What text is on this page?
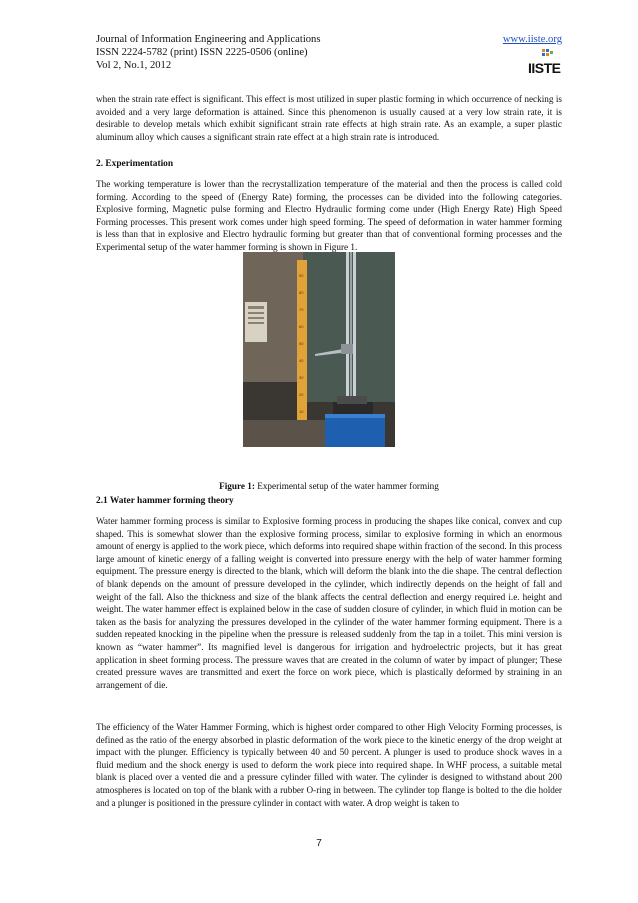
Journal of Information Engineering and Applications
ISSN 2224-5782 (print) ISSN 2225-0506 (online)
Vol 2, No.1, 2012
www.iiste.org
IISTE
when the strain rate effect is significant. This effect is most utilized in super plastic forming in which occurrence of necking is avoided and a very large deformation is attained. Since this phenomenon is usually caused at a very low strain rate, it is desirable to develop metals which exhibit significant strain rate effects at high strain rate. As an example, a super plastic aluminum alloy which causes a significant strain rate effect at a high strain rate is introduced.
2. Experimentation
The working temperature is lower than the recrystallization temperature of the material and then the process is called cold forming. According to the speed of (Energy Rate) forming, the processes can be divided into the following categories. Explosive forming, Magnetic pulse forming and Electro Hydraulic forming come under (High Energy Rate) High Speed Forming processes. This present work comes under high speed forming. The speed of deformation in water hammer forming is less than that in explosive and Electro hydraulic forming but greater than that of conventional forming processes and the Experimental setup of the water hammer forming is shown in Figure 1.
90
80
70
60
50
40
30
20
10
Figure 1: Experimental setup of the water hammer forming
2.1 Water hammer forming theory
Water hammer forming process is similar to Explosive forming process in producing the shapes like conical, convex and cup shaped. This is somewhat slower than the explosive forming process, similar to explosive forming in which an enormous amount of energy is applied to the work piece, which deforms into required shape within fraction of the second. In this process large amount of kinetic energy of a falling weight is converted into pressure energy with the help of water hammer forming equipment. The pressure energy is directed to the blank, which will deform the blank into the die shape. The central deflection of blank depends on the amount of pressure developed in the cylinder, which indirectly depends on the height of fall and weight of the fall. Also the thickness and size of the blank affects the central deflection and energy required i.e. height and weight. The water hammer effect is explained below in the case of sudden closure of cylinder, in which fluid in motion can be taken as the basis for analyzing the pressures developed in the cylinder of the water hammer forming equipment. There is a sudden repeated knocking in the pipeline when the pressure is released suddenly from the tap in a toilet. This mini version is known as “water hammer”. Its magnified level is dangerous for irrigation and hydroelectric projects, but it has great application in sheet forming process. The pressure waves that are created in the column of water by impact of plunger; These created pressure waves are transmitted and exert the force on work piece, which is plastically deformed by straining in an arrangement of die.
The efficiency of the Water Hammer Forming, which is highest order compared to other High Velocity Forming processes, is defined as the ratio of the energy absorbed in plastic deformation of the work piece to the kinetic energy of the drop weight at impact with the plunger. Efficiency is typically between 40 and 50 percent. A plunger is used to produce shock waves in a fluid medium and the shock energy is used to deform the work piece into required shape. In WHF process, a suitable metal blank is placed over a vented die and a pressure cylinder filled with water. The cylinder is designed to withstand about 200 atmospheres is located on top of the blank with a rubber O-ring in between. The cylinder top flange is bolted to the die holder and a plunger is positioned in the pressure cylinder in contact with water. A drop weight is taken to
7
